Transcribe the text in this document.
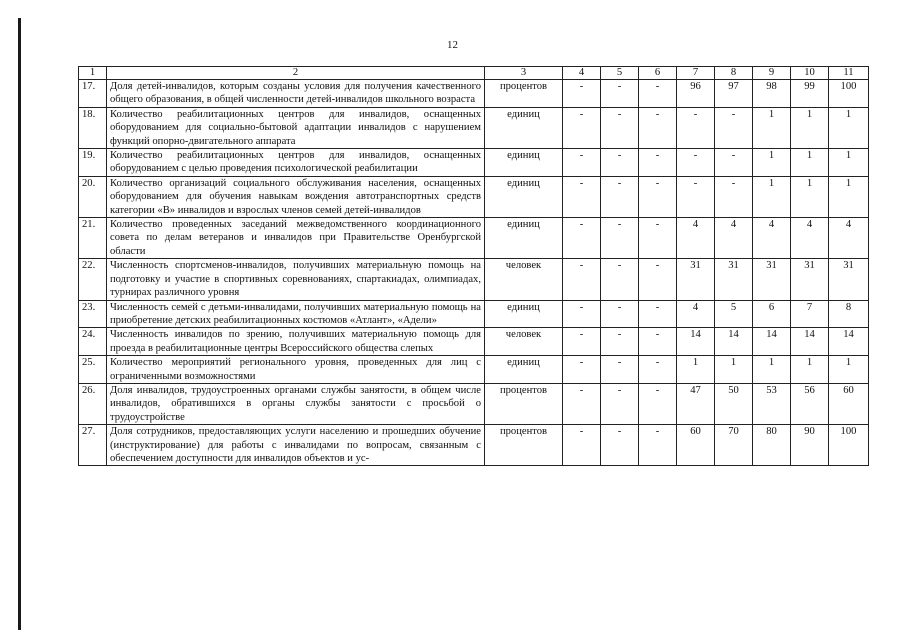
12
1	2	3	4	5	6	7	8	9	10	11
17.	Доля детей-инвалидов, которым созданы условия для получения качественного общего образования, в общей численности детей-инвалидов школьного возраста	процентов	-	-	-	96	97	98	99	100
18.	Количество реабилитационных центров для инвалидов, оснащенных оборудованием для социально-бытовой адаптации инвалидов с нарушением функций опорно-двигательного аппарата	единиц	-	-	-	-	-	1	1	1
19.	Количество реабилитационных центров для инвалидов, оснащенных оборудованием с целью проведения психологической реабилитации	единиц	-	-	-	-	-	1	1	1
20.	Количество организаций социального обслуживания населения, оснащенных оборудованием для обучения навыкам вождения автотранспортных средств категории «В» инвалидов и взрослых членов семей детей-инвалидов	единиц	-	-	-	-	-	1	1	1
21.	Количество проведенных заседаний межведомственного координационного совета по делам ветеранов и инвалидов при Правительстве Оренбургской области	единиц	-	-	-	4	4	4	4	4
22.	Численность спортсменов-инвалидов, получивших материальную помощь на подготовку и участие в спортивных соревнованиях, спартакиадах, олимпиадах, турнирах различного уровня	человек	-	-	-	31	31	31	31	31
23.	Численность семей с детьми-инвалидами, получивших материальную помощь на приобретение детских реабилитационных костюмов «Атлант», «Адели»	единиц	-	-	-	4	5	6	7	8
24.	Численность инвалидов по зрению, получивших материальную помощь для проезда в реабилитационные центры Всероссийского общества слепых	человек	-	-	-	14	14	14	14	14
25.	Количество мероприятий регионального уровня, проведенных для лиц с ограниченными возможностями	единиц	-	-	-	1	1	1	1	1
26.	Доля инвалидов, трудоустроенных органами службы занятости, в общем числе инвалидов, обратившихся в органы службы занятости с просьбой о трудоустройстве	процентов	-	-	-	47	50	53	56	60
27.	Доля сотрудников, предоставляющих услуги населению и прошедших обучение (инструктирование) для работы с инвалидами по вопросам, связанным с обеспечением доступности для инвалидов объектов и ус-	процентов	-	-	-	60	70	80	90	100
